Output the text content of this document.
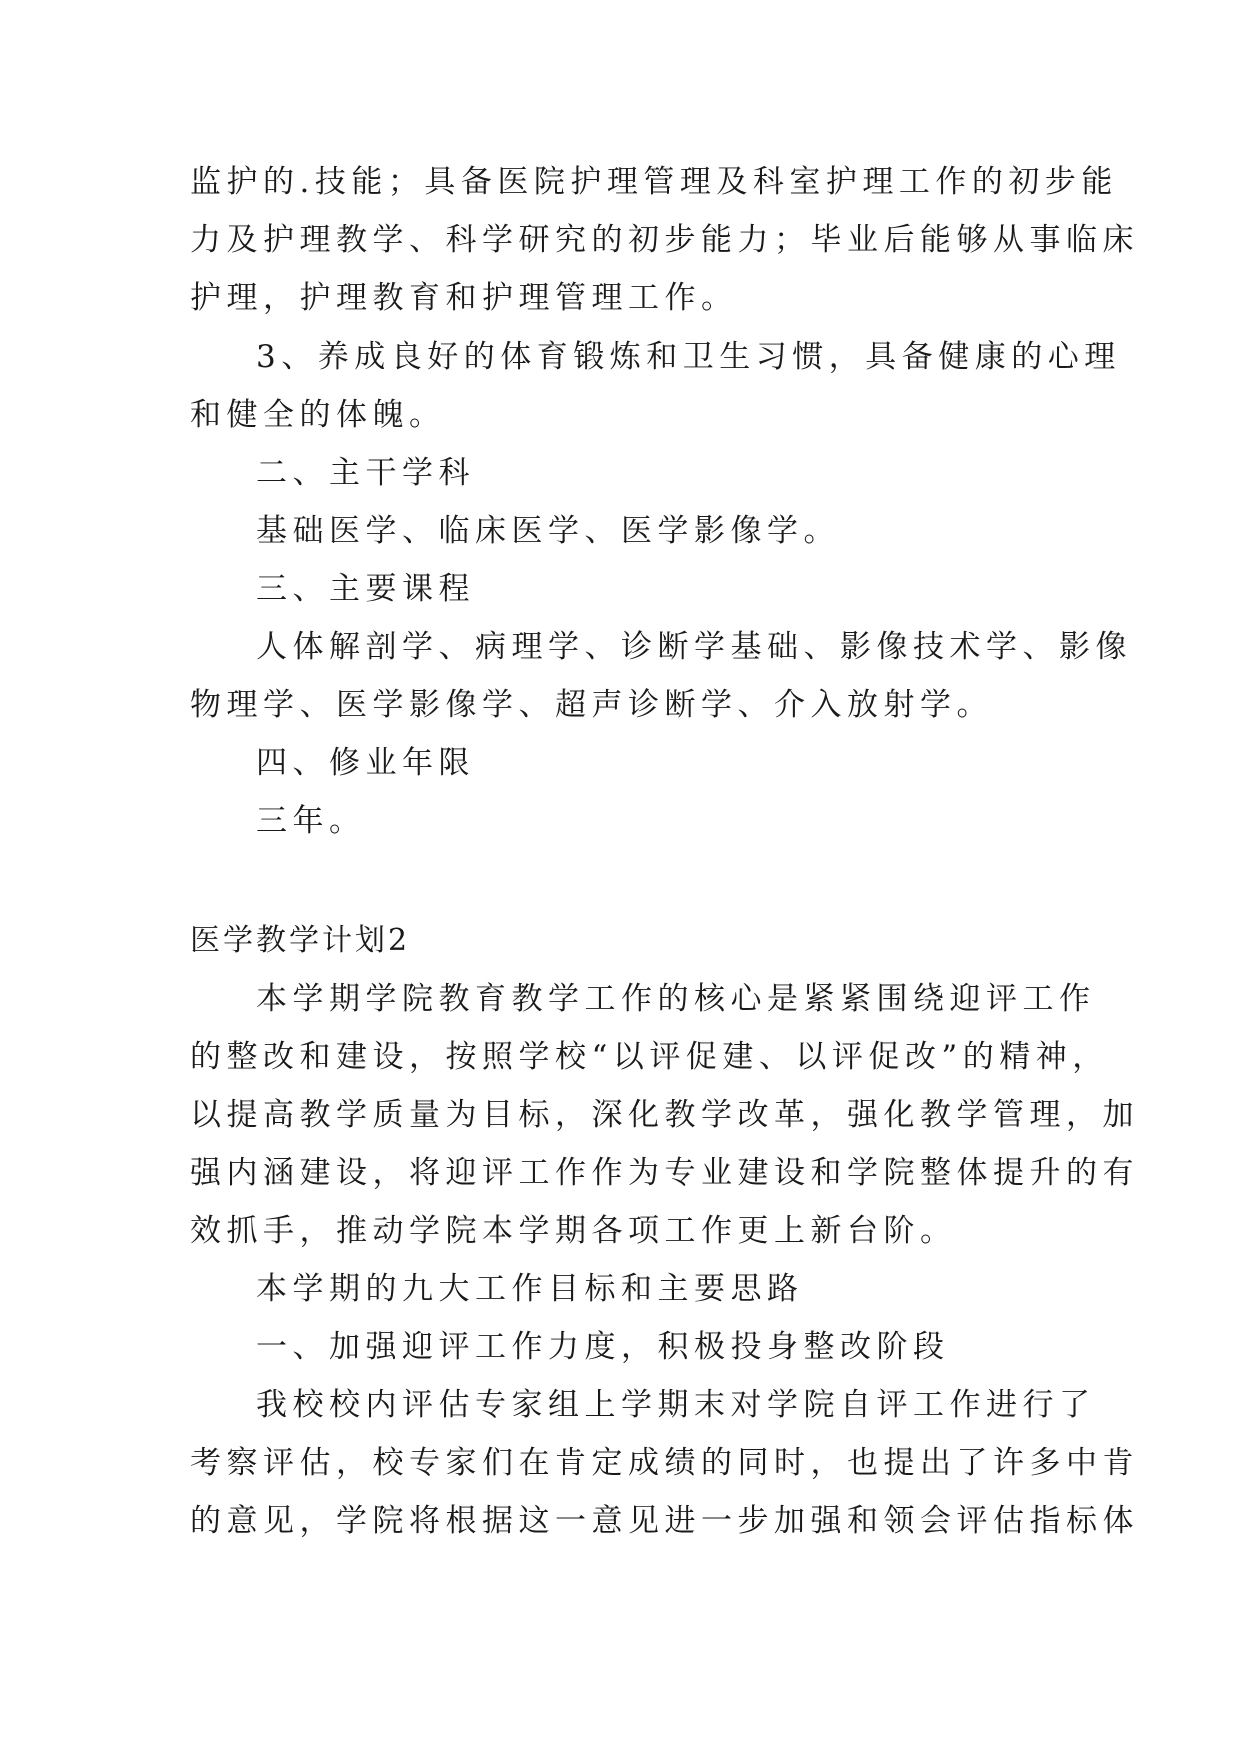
监护的.技能；具备医院护理管理及科室护理工作的初步能
力及护理教学、科学研究的初步能力；毕业后能够从事临床
护理，护理教育和护理管理工作。
3、养成良好的体育锻炼和卫生习惯，具备健康的心理
和健全的体魄。
二、主干学科
基础医学、临床医学、医学影像学。
三、主要课程
人体解剖学、病理学、诊断学基础、影像技术学、影像
物理学、医学影像学、超声诊断学、介入放射学。
四、修业年限
三年。
医学教学计划2
本学期学院教育教学工作的核心是紧紧围绕迎评工作
的整改和建设，按照学校“以评促建、以评促改”的精神，
以提高教学质量为目标，深化教学改革，强化教学管理，加
强内涵建设，将迎评工作作为专业建设和学院整体提升的有
效抓手，推动学院本学期各项工作更上新台阶。
本学期的九大工作目标和主要思路
一、加强迎评工作力度，积极投身整改阶段
我校校内评估专家组上学期末对学院自评工作进行了
考察评估，校专家们在肯定成绩的同时，也提出了许多中肯
的意见，学院将根据这一意见进一步加强和领会评估指标体
